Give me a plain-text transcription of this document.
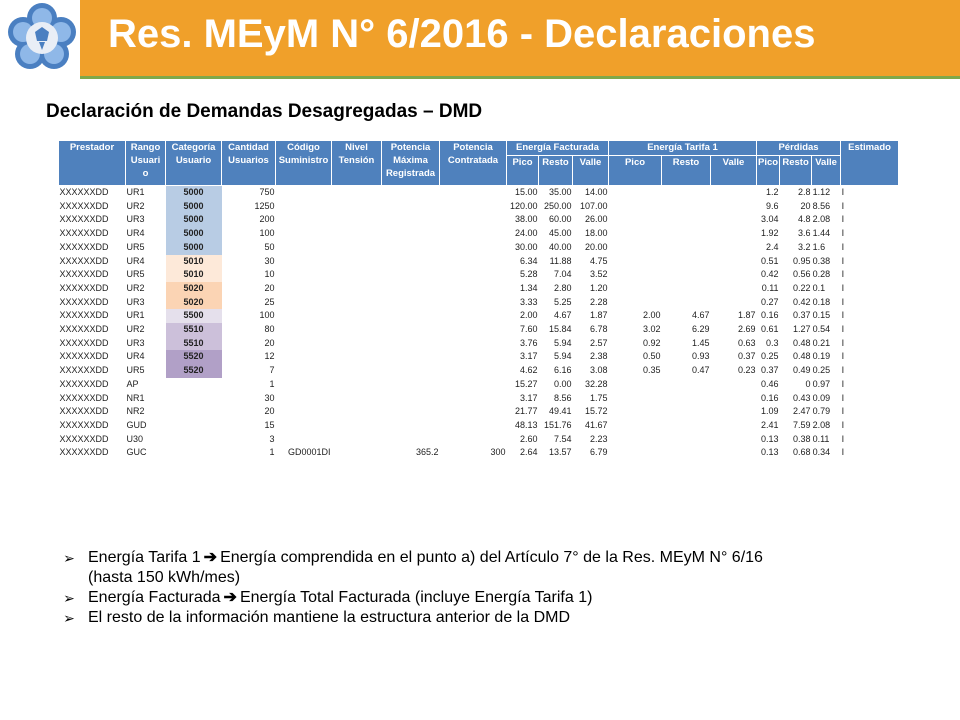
Res. MEyM N° 6/2016 - Declaraciones
Declaración de Demandas Desagregadas – DMD
Prestador	Rango Usuari o	Categoría Usuario	Cantidad Usuarios	Código Suministro	Nivel Tensión	Potencia Máxima Registrada	Potencia Contratada	Energía Facturada			Energía Tarifa 1			Pérdidas			Estimado
								Pico	Resto	Valle	Pico	Resto	Valle	Pico	Resto	Valle	
XXXXXXDD	UR1	5000	750					15.00	35.00	14.00				1.2	2.8	1.12	I
XXXXXXDD	UR2	5000	1250					120.00	250.00	107.00				9.6	20	8.56	I
XXXXXXDD	UR3	5000	200					38.00	60.00	26.00				3.04	4.8	2.08	I
XXXXXXDD	UR4	5000	100					24.00	45.00	18.00				1.92	3.6	1.44	I
XXXXXXDD	UR5	5000	50					30.00	40.00	20.00				2.4	3.2	1.6	I
XXXXXXDD	UR4	5010	30					6.34	11.88	4.75				0.51	0.95	0.38	I
XXXXXXDD	UR5	5010	10					5.28	7.04	3.52				0.42	0.56	0.28	I
XXXXXXDD	UR2	5020	20					1.34	2.80	1.20				0.11	0.22	0.1	I
XXXXXXDD	UR3	5020	25					3.33	5.25	2.28				0.27	0.42	0.18	I
XXXXXXDD	UR1	5500	100					2.00	4.67	1.87	2.00	4.67	1.87	0.16	0.37	0.15	I
XXXXXXDD	UR2	5510	80					7.60	15.84	6.78	3.02	6.29	2.69	0.61	1.27	0.54	I
XXXXXXDD	UR3	5510	20					3.76	5.94	2.57	0.92	1.45	0.63	0.3	0.48	0.21	I
XXXXXXDD	UR4	5520	12					3.17	5.94	2.38	0.50	0.93	0.37	0.25	0.48	0.19	I
XXXXXXDD	UR5	5520	7					4.62	6.16	3.08	0.35	0.47	0.23	0.37	0.49	0.25	I
XXXXXXDD	AP		1					15.27	0.00	32.28				0.46	0	0.97	I
XXXXXXDD	NR1		30					3.17	8.56	1.75				0.16	0.43	0.09	I
XXXXXXDD	NR2		20					21.77	49.41	15.72				1.09	2.47	0.79	I
XXXXXXDD	GUD		15					48.13	151.76	41.67				2.41	7.59	2.08	I
XXXXXXDD	U30		3					2.60	7.54	2.23				0.13	0.38	0.11	I
XXXXXXDD	GUC		1	GD0001DI		365.2	300	2.64	13.57	6.79				0.13	0.68	0.34	I
➢ Energía Tarifa 1 ➔ Energía comprendida en el punto a) del Artículo 7° de la Res. MEyM N° 6/16
(hasta 150 kWh/mes)
➢ Energía Facturada ➔ Energía Total Facturada (incluye Energía Tarifa 1)
➢ El resto de la información mantiene la estructura anterior de la DMD
